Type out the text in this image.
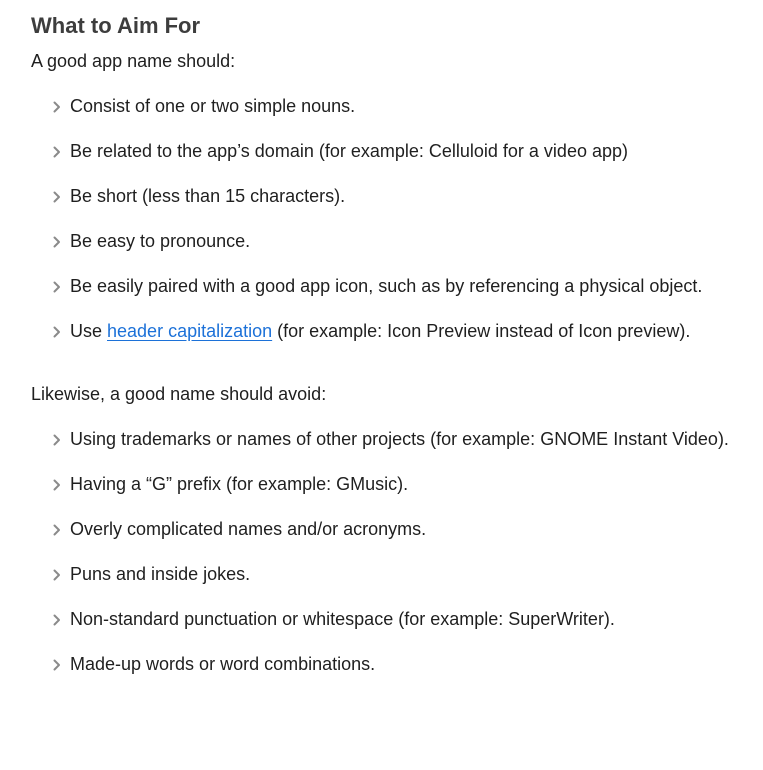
What to Aim For

A good app name should:

Consist of one or two simple nouns.
Be related to the app’s domain (for example: Celluloid for a video app)
Be short (less than 15 characters).
Be easy to pronounce.
Be easily paired with a good app icon, such as by referencing a physical object.
Use header capitalization (for example: Icon Preview instead of Icon preview).

Likewise, a good name should avoid:

Using trademarks or names of other projects (for example: GNOME Instant Video).
Having a “G” prefix (for example: GMusic).
Overly complicated names and/or acronyms.
Puns and inside jokes.
Non-standard punctuation or whitespace (for example: SuperWriter).
Made-up words or word combinations.
